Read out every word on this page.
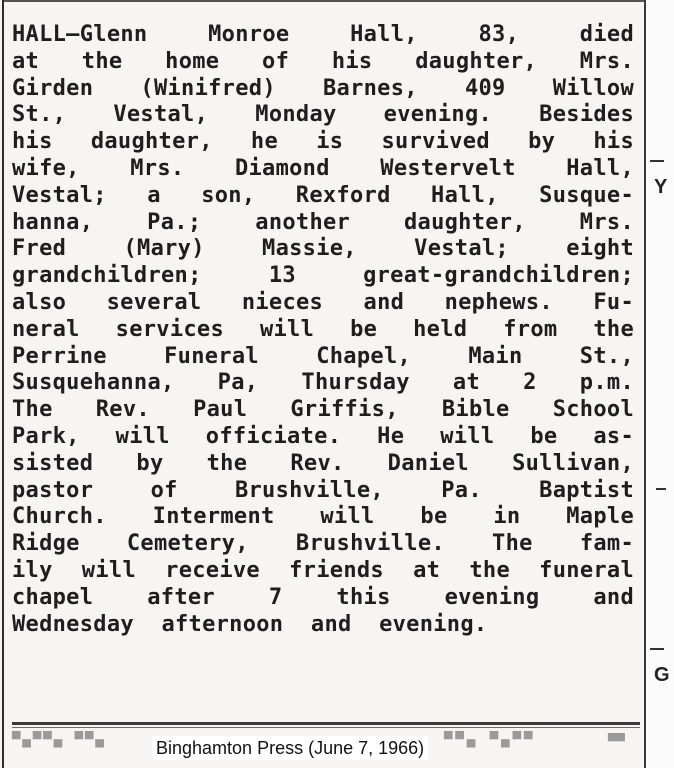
HALL—Glenn Monroe Hall, 83, died
at the home of his daughter, Mrs.
Girden (Winifred) Barnes, 409 Willow
St., Vestal, Monday evening. Besides
his daughter, he is survived by his
wife, Mrs. Diamond Westervelt Hall,
Vestal; a son, Rexford Hall, Susque-
hanna, Pa.; another daughter, Mrs.
Fred (Mary) Massie, Vestal; eight
grandchildren; 13 great-grandchildren;
also several nieces and nephews. Fu-
neral services will be held from the
Perrine Funeral Chapel, Main St.,
Susquehanna, Pa, Thursday at 2 p.m.
The Rev. Paul Griffis, Bible School
Park, will officiate. He will be as-
sisted by the Rev. Daniel Sullivan,
pastor of Brushville, Pa. Baptist
Church. Interment will be in Maple
Ridge Cemetery, Brushville. The fam-
ily will receive friends at the funeral
chapel after 7 this evening and
Wednesday afternoon and evening.
▀▄▀▀▄ ▀▀▄	▀▀▄ ▀▄▀▀	▀▀
Binghamton Press (June 7, 1966)
Y
G
